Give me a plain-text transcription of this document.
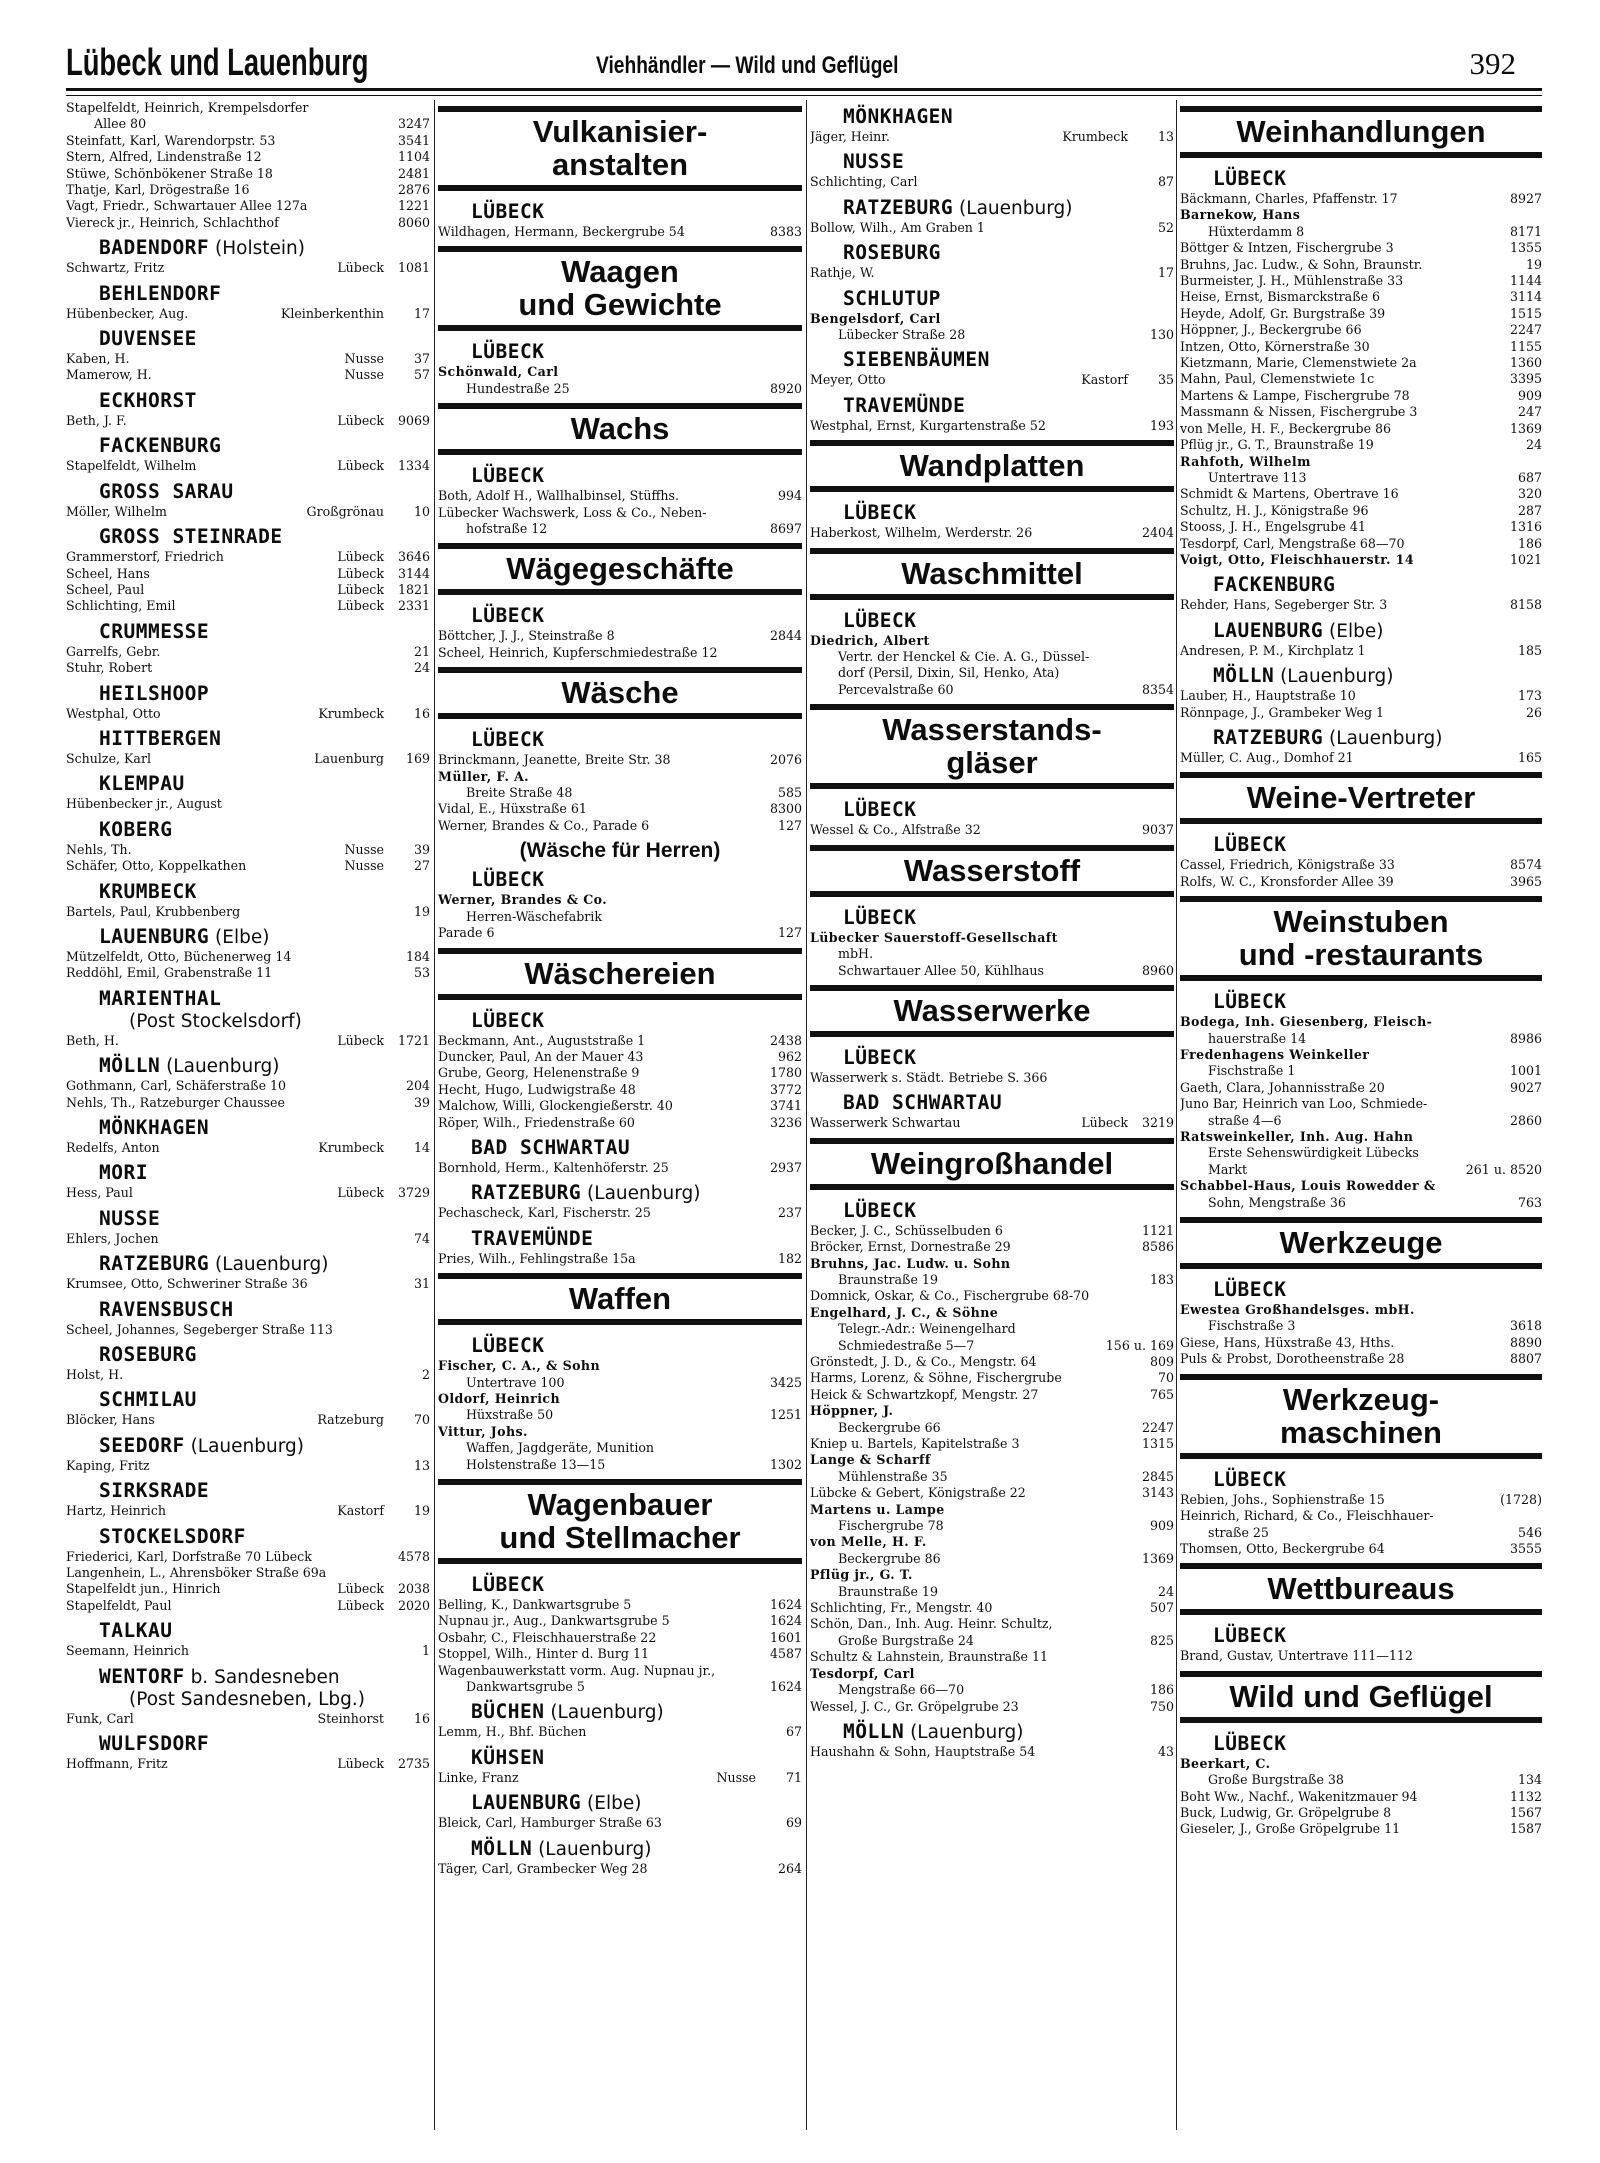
Lübeck und Lauenburg	Viehhändler — Wild und Geflügel	392
Stapelfeldt, Heinrich, Krempelsdorfer
Allee 80	3247
Steinfatt, Karl, Warendorpstr. 53	3541
Stern, Alfred, Lindenstraße 12	1104
Stüwe, Schönbökener Straße 18	2481
Thatje, Karl, Drögestraße 16	2876
Vagt, Friedr., Schwartauer Allee 127a	1221
Viereck jr., Heinrich, Schlachthof	8060
BADENDORF (Holstein)
Schwartz, Fritz	Lübeck 1081
BEHLENDORF
Hübenbecker, Aug.	Kleinberkenthin 17
DUVENSEE
Kaben, H.	Nusse 37
Mamerow, H.	Nusse 57
ECKHORST
Beth, J. F.	Lübeck 9069
FACKENBURG
Stapelfeldt, Wilhelm	Lübeck 1334
GROSS SARAU
Möller, Wilhelm	Großgrönau 10
GROSS STEINRADE
Grammerstorf, Friedrich	Lübeck 3646
Scheel, Hans	Lübeck 3144
Scheel, Paul	Lübeck 1821
Schlichting, Emil	Lübeck 2331
CRUMMESSE
Garrelfs, Gebr.	21
Stuhr, Robert	24
HEILSHOOP
Westphal, Otto	Krumbeck 16
HITTBERGEN
Schulze, Karl	Lauenburg 169
KLEMPAU
Hübenbecker jr., August
KOBERG
Nehls, Th.	Nusse 39
Schäfer, Otto, Koppelkathen	Nusse 27
KRUMBECK
Bartels, Paul, Krubbenberg	19
LAUENBURG (Elbe)
Mützelfeldt, Otto, Büchenerweg 14	184
Reddöhl, Emil, Grabenstraße 11	53
MARIENTHAL
(Post Stockelsdorf)
Beth, H.	Lübeck 1721
MÖLLN (Lauenburg)
Gothmann, Carl, Schäferstraße 10	204
Nehls, Th., Ratzeburger Chaussee	39
MÖNKHAGEN
Redelfs, Anton	Krumbeck 14
MORI
Hess, Paul	Lübeck 3729
NUSSE
Ehlers, Jochen	74
RATZEBURG (Lauenburg)
Krumsee, Otto, Schweriner Straße 36	31
RAVENSBUSCH
Scheel, Johannes, Segeberger Straße 113
ROSEBURG
Holst, H.	2
SCHMILAU
Blöcker, Hans	Ratzeburg 70
SEEDORF (Lauenburg)
Kaping, Fritz	13
SIRKSRADE
Hartz, Heinrich	Kastorf 19
STOCKELSDORF
Friederici, Karl, Dorfstraße 70 Lübeck	4578
Langenhein, L., Ahrensböker Straße 69a
Stapelfeldt jun., Hinrich	Lübeck 2038
Stapelfeldt, Paul	Lübeck 2020
TALKAU
Seemann, Heinrich	1
WENTORF b. Sandesneben
(Post Sandesneben, Lbg.)
Funk, Carl	Steinhorst 16
WULFSDORF
Hoffmann, Fritz	Lübeck 2735
Vulkanisier-
anstalten
LÜBECK
Wildhagen, Hermann, Beckergrube 54	8383
Waagen
und Gewichte
LÜBECK
Schönwald, Carl
Hundestraße 25	8920
Wachs
LÜBECK
Both, Adolf H., Wallhalbinsel, Stüffhs.	994
Lübecker Wachswerk, Loss & Co., Neben-
hofstraße 12	8697
Wägegeschäfte
LÜBECK
Böttcher, J. J., Steinstraße 8	2844
Scheel, Heinrich, Kupferschmiedestraße 12
Wäsche
LÜBECK
Brinckmann, Jeanette, Breite Str. 38	2076
Müller, F. A.
Breite Straße 48	585
Vidal, E., Hüxstraße 61	8300
Werner, Brandes & Co., Parade 6	127
(Wäsche für Herren)
LÜBECK
Werner, Brandes & Co.
Herren-Wäschefabrik
Parade 6	127
Wäschereien
LÜBECK
Beckmann, Ant., Auguststraße 1	2438
Duncker, Paul, An der Mauer 43	962
Grube, Georg, Helenenstraße 9	1780
Hecht, Hugo, Ludwigstraße 48	3772
Malchow, Willi, Glockengießerstr. 40	3741
Röper, Wilh., Friedenstraße 60	3236
BAD SCHWARTAU
Bornhold, Herm., Kaltenhöferstr. 25	2937
RATZEBURG (Lauenburg)
Pechascheck, Karl, Fischerstr. 25	237
TRAVEMÜNDE
Pries, Wilh., Fehlingstraße 15a	182
Waffen
LÜBECK
Fischer, C. A., & Sohn
Untertrave 100	3425
Oldorf, Heinrich
Hüxstraße 50	1251
Vittur, Johs.
Waffen, Jagdgeräte, Munition
Holstenstraße 13—15	1302
Wagenbauer
und Stellmacher
LÜBECK
Belling, K., Dankwartsgrube 5	1624
Nupnau jr., Aug., Dankwartsgrube 5	1624
Osbahr, C., Fleischhauerstraße 22	1601
Stoppel, Wilh., Hinter d. Burg 11	4587
Wagenbauwerkstatt vorm. Aug. Nupnau jr.,
Dankwartsgrube 5	1624
BÜCHEN (Lauenburg)
Lemm, H., Bhf. Büchen	67
KÜHSEN
Linke, Franz	Nusse 71
LAUENBURG (Elbe)
Bleick, Carl, Hamburger Straße 63	69
MÖLLN (Lauenburg)
Täger, Carl, Grambecker Weg 28	264
MÖNKHAGEN
Jäger, Heinr.	Krumbeck 13
NUSSE
Schlichting, Carl	87
RATZEBURG (Lauenburg)
Bollow, Wilh., Am Graben 1	52
ROSEBURG
Rathje, W.	17
SCHLUTUP
Bengelsdorf, Carl
Lübecker Straße 28	130
SIEBENBÄUMEN
Meyer, Otto	Kastorf 35
TRAVEMÜNDE
Westphal, Ernst, Kurgartenstraße 52	193
Wandplatten
LÜBECK
Haberkost, Wilhelm, Werderstr. 26	2404
Waschmittel
LÜBECK
Diedrich, Albert
Vertr. der Henckel & Cie. A. G., Düssel-
dorf (Persil, Dixin, Sil, Henko, Ata)
Percevalstraße 60	8354
Wasserstands-
gläser
LÜBECK
Wessel & Co., Alfstraße 32	9037
Wasserstoff
LÜBECK
Lübecker Sauerstoff-Gesellschaft
mbH.
Schwartauer Allee 50, Kühlhaus	8960
Wasserwerke
LÜBECK
Wasserwerk s. Städt. Betriebe S. 366
BAD SCHWARTAU
Wasserwerk Schwartau	Lübeck 3219
Weingroßhandel
LÜBECK
Becker, J. C., Schüsselbuden 6	1121
Bröcker, Ernst, Dornestraße 29	8586
Bruhns, Jac. Ludw. u. Sohn
Braunstraße 19	183
Domnick, Oskar, & Co., Fischergrube 68-70
Engelhard, J. C., & Söhne
Telegr.-Adr.: Weinengelhard
Schmiedestraße 5—7	156 u. 169
Grönstedt, J. D., & Co., Mengstr. 64	809
Harms, Lorenz, & Söhne, Fischergrube	70
Heick & Schwartzkopf, Mengstr. 27	765
Höppner, J.
Beckergrube 66	2247
Kniep u. Bartels, Kapitelstraße 3	1315
Lange & Scharff
Mühlenstraße 35	2845
Lübcke & Gebert, Königstraße 22	3143
Martens u. Lampe
Fischergrube 78	909
von Melle, H. F.
Beckergrube 86	1369
Pflüg jr., G. T.
Braunstraße 19	24
Schlichting, Fr., Mengstr. 40	507
Schön, Dan., Inh. Aug. Heinr. Schultz,
Große Burgstraße 24	825
Schultz & Lahnstein, Braunstraße 11
Tesdorpf, Carl
Mengstraße 66—70	186
Wessel, J. C., Gr. Gröpelgrube 23	750
MÖLLN (Lauenburg)
Haushahn & Sohn, Hauptstraße 54	43
Weinhandlungen
LÜBECK
Bäckmann, Charles, Pfaffenstr. 17	8927
Barnekow, Hans
Hüxterdamm 8	8171
Böttger & Intzen, Fischergrube 3	1355
Bruhns, Jac. Ludw., & Sohn, Braunstr.	19
Burmeister, J. H., Mühlenstraße 33	1144
Heise, Ernst, Bismarckstraße 6	3114
Heyde, Adolf, Gr. Burgstraße 39	1515
Höppner, J., Beckergrube 66	2247
Intzen, Otto, Körnerstraße 30	1155
Kietzmann, Marie, Clemenstwiete 2a	1360
Mahn, Paul, Clemenstwiete 1c	3395
Martens & Lampe, Fischergrube 78	909
Massmann & Nissen, Fischergrube 3	247
von Melle, H. F., Beckergrube 86	1369
Pflüg jr., G. T., Braunstraße 19	24
Rahfoth, Wilhelm
Untertrave 113	687
Schmidt & Martens, Obertrave 16	320
Schultz, H. J., Königstraße 96	287
Stooss, J. H., Engelsgrube 41	1316
Tesdorpf, Carl, Mengstraße 68—70	186
Voigt, Otto, Fleischhauerstr. 14	1021
FACKENBURG
Rehder, Hans, Segeberger Str. 3	8158
LAUENBURG (Elbe)
Andresen, P. M., Kirchplatz 1	185
MÖLLN (Lauenburg)
Lauber, H., Hauptstraße 10	173
Rönnpage, J., Grambeker Weg 1	26
RATZEBURG (Lauenburg)
Müller, C. Aug., Domhof 21	165
Weine-Vertreter
LÜBECK
Cassel, Friedrich, Königstraße 33	8574
Rolfs, W. C., Kronsforder Allee 39	3965
Weinstuben
und -restaurants
LÜBECK
Bodega, Inh. Giesenberg, Fleisch-
hauerstraße 14	8986
Fredenhagens Weinkeller
Fischstraße 1	1001
Gaeth, Clara, Johannisstraße 20	9027
Juno Bar, Heinrich van Loo, Schmiede-
straße 4—6	2860
Ratsweinkeller, Inh. Aug. Hahn
Erste Sehenswürdigkeit Lübecks
Markt	261 u. 8520
Schabbel-Haus, Louis Rowedder &
Sohn, Mengstraße 36	763
Werkzeuge
LÜBECK
Ewestea Großhandelsges. mbH.
Fischstraße 3	3618
Giese, Hans, Hüxstraße 43, Hths.	8890
Puls & Probst, Dorotheenstraße 28	8807
Werkzeug-
maschinen
LÜBECK
Rebien, Johs., Sophienstraße 15	(1728)
Heinrich, Richard, & Co., Fleischhauer-
straße 25	546
Thomsen, Otto, Beckergrube 64	3555
Wettbureaus
LÜBECK
Brand, Gustav, Untertrave 111—112
Wild und Geflügel
LÜBECK
Beerkart, C.
Große Burgstraße 38	134
Boht Ww., Nachf., Wakenitzmauer 94	1132
Buck, Ludwig, Gr. Gröpelgrube 8	1567
Gieseler, J., Große Gröpelgrube 11	1587
